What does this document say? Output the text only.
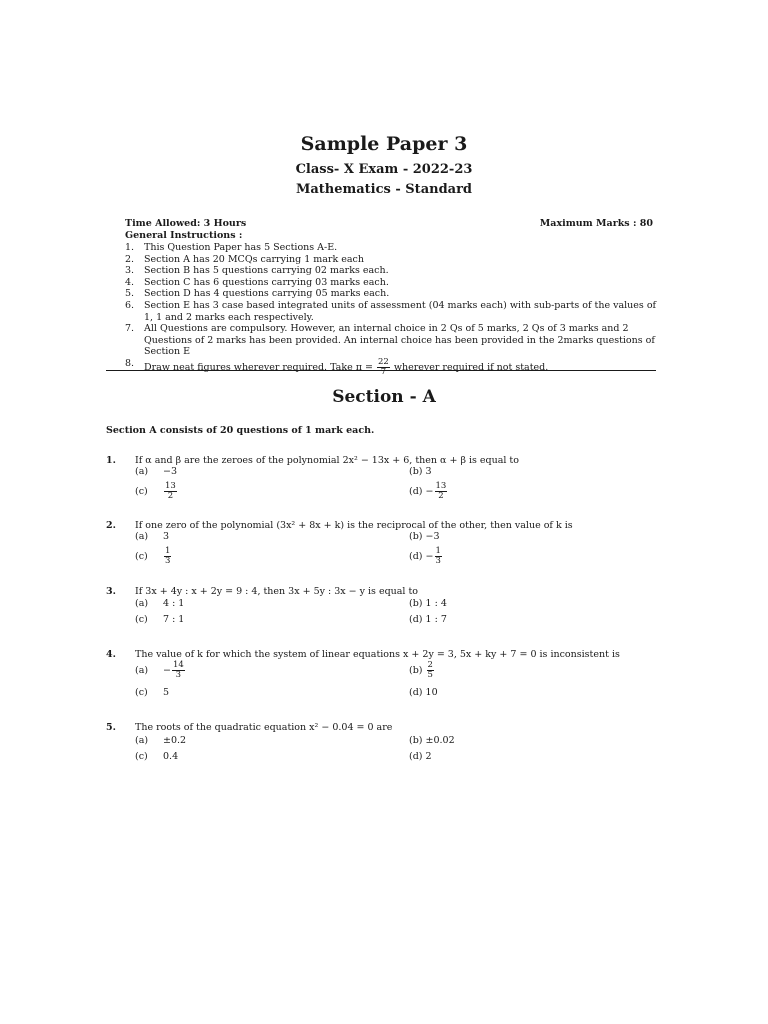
Sample Paper 3
Class- X Exam - 2022-23
Mathematics - Standard
Time Allowed: 3 Hours	Maximum Marks : 80
General Instructions :
1. This Question Paper has 5 Sections A-E.
2. Section A has 20 MCQs carrying 1 mark each
3. Section B has 5 questions carrying 02 marks each.
4. Section C has 6 questions carrying 03 marks each.
5. Section D has 4 questions carrying 05 marks each.
6. Section E has 3 case based integrated units of assessment (04 marks each) with sub-parts of the values of 1, 1 and 2 marks each respectively.
7. All Questions are compulsory. However, an internal choice in 2 Qs of 5 marks, 2 Qs of 3 marks and 2 Questions of 2 marks has been provided. An internal choice has been provided in the 2marks questions of Section E
8. Draw neat figures wherever required. Take $\pi = \frac{22}{7}$ wherever required if not stated.
Section - A
Section A consists of 20 questions of 1 mark each.
1. If α and β are the zeroes of the polynomial 2x² − 13x + 6, then α + β is equal to
(a) −3	(b) 3
$(c) \frac{13}{2}$	$(d) - \frac{13}{2}$
2. If one zero of the polynomial (3x² + 8x + k) is the reciprocal of the other, then value of k is
(a) 3	(b) −3
$(c) \frac{1}{3}$	$(d) - \frac{1}{3}$
3. If 3x + 4y : x + 2y = 9 : 4, then 3x + 5y : 3x − y is equal to
(a) 4 : 1	(b) 1 : 4
(c) 7 : 1	(d) 1 : 7
4. The value of k for which the system of linear equations x + 2y = 3, 5x + ky + 7 = 0 is inconsistent is
$(a) - \frac{14}{3}$	$(b) \frac{2}{5}$
(c) 5	(d) 10
5. The roots of the quadratic equation x² − 0.04 = 0 are
(a) ±0.2	(b) ±0.02
(c) 0.4	(d) 2
